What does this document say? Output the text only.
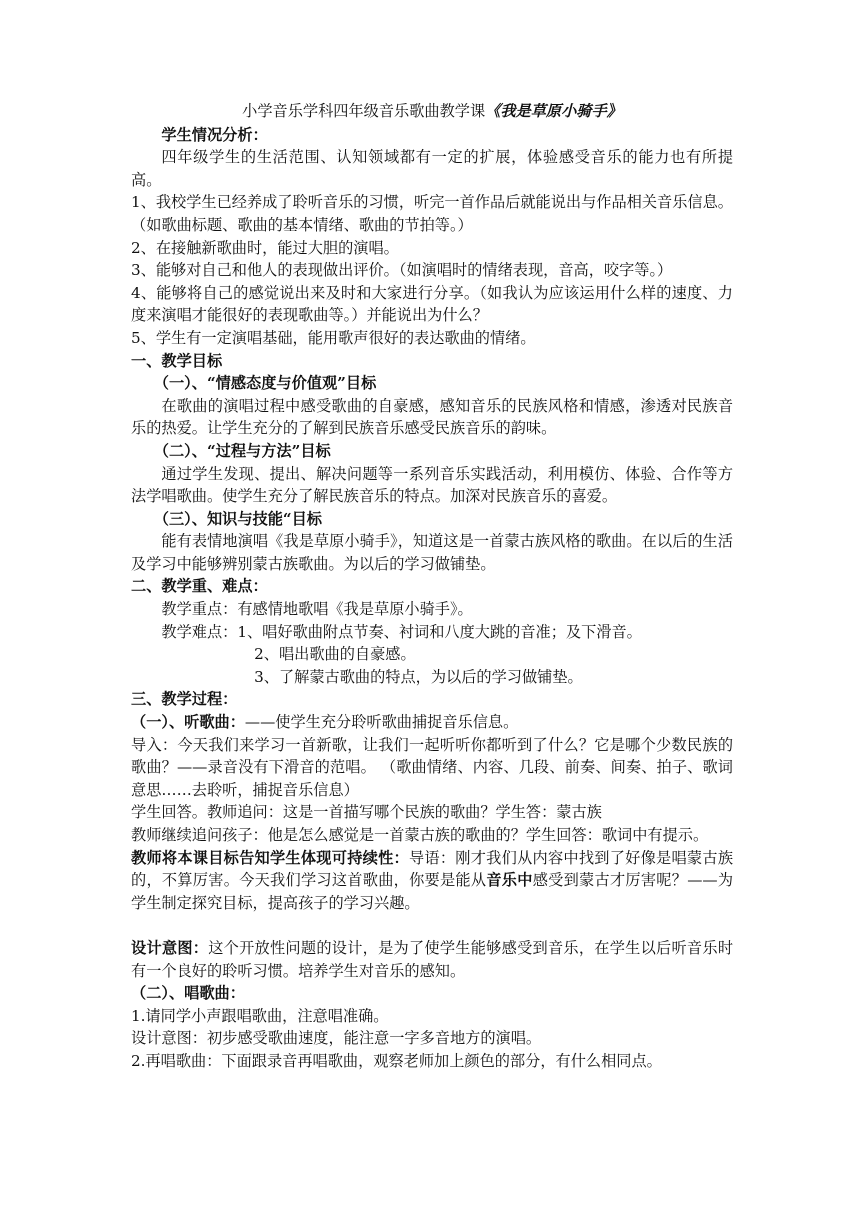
小学音乐学科四年级音乐歌曲教学课《我是草原小骑手》

学生情况分析：

四年级学生的生活范围、认知领域都有一定的扩展，体验感受音乐的能力也有所提高。

1、我校学生已经养成了聆听音乐的习惯，听完一首作品后就能说出与作品相关音乐信息。（如歌曲标题、歌曲的基本情绪、歌曲的节拍等。）

2、在接触新歌曲时，能过大胆的演唱。

3、能够对自己和他人的表现做出评价。（如演唱时的情绪表现，音高，咬字等。）

4、能够将自己的感觉说出来及时和大家进行分享。（如我认为应该运用什么样的速度、力度来演唱才能很好的表现歌曲等。）并能说出为什么？

5、学生有一定演唱基础，能用歌声很好的表达歌曲的情绪。

一、教学目标

（一）、“情感态度与价值观”目标

在歌曲的演唱过程中感受歌曲的自豪感，感知音乐的民族风格和情感，渗透对民族音乐的热爱。让学生充分的了解到民族音乐感受民族音乐的韵味。

（二）、“过程与方法”目标

通过学生发现、提出、解决问题等一系列音乐实践活动，利用模仿、体验、合作等方法学唱歌曲。使学生充分了解民族音乐的特点。加深对民族音乐的喜爱。

（三）、知识与技能“目标

能有表情地演唱《我是草原小骑手》，知道这是一首蒙古族风格的歌曲。在以后的生活及学习中能够辨别蒙古族歌曲。为以后的学习做铺垫。

二、教学重、难点：

教学重点：有感情地歌唱《我是草原小骑手》。

教学难点：1、唱好歌曲附点节奏、衬词和八度大跳的音准；及下滑音。

2、唱出歌曲的自豪感。

3、了解蒙古歌曲的特点，为以后的学习做铺垫。

三、教学过程：

（一）、听歌曲：——使学生充分聆听歌曲捕捉音乐信息。

导入：今天我们来学习一首新歌，让我们一起听听你都听到了什么？它是哪个少数民族的歌曲？——录音没有下滑音的范唱。 （歌曲情绪、内容、几段、前奏、间奏、拍子、歌词意思……去聆听，捕捉音乐信息）

学生回答。教师追问：这是一首描写哪个民族的歌曲？学生答：蒙古族

教师继续追问孩子：他是怎么感觉是一首蒙古族的歌曲的？学生回答：歌词中有提示。

教师将本课目标告知学生体现可持续性：导语：刚才我们从内容中找到了好像是唱蒙古族的，不算厉害。今天我们学习这首歌曲，你要是能从音乐中感受到蒙古才厉害呢？——为学生制定探究目标，提高孩子的学习兴趣。

设计意图：这个开放性问题的设计，是为了使学生能够感受到音乐，在学生以后听音乐时有一个良好的聆听习惯。培养学生对音乐的感知。

（二）、唱歌曲：

1.请同学小声跟唱歌曲，注意唱准确。

设计意图：初步感受歌曲速度，能注意一字多音地方的演唱。

2.再唱歌曲：下面跟录音再唱歌曲，观察老师加上颜色的部分，有什么相同点。
